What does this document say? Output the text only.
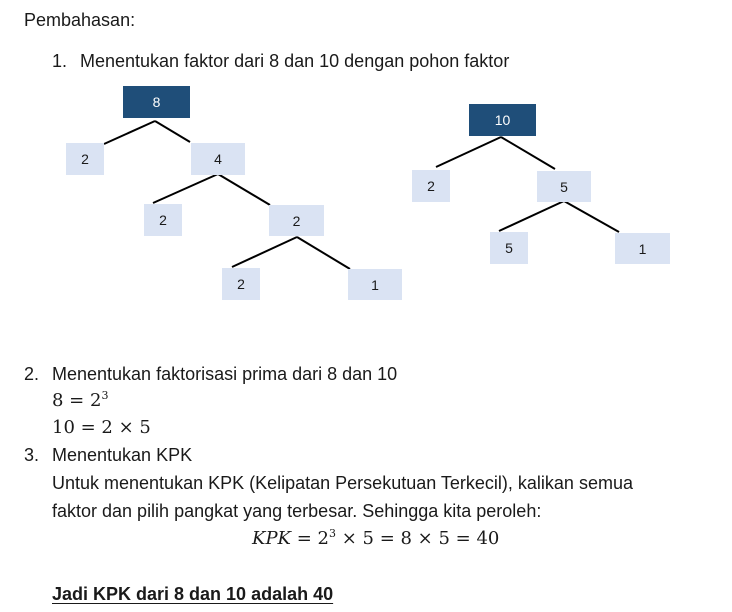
Pembahasan:
1. Menentukan faktor dari 8 dan 10 dengan pohon faktor
8
2	4
2	2
2	1
10
2	5
5	1
2. Menentukan faktorisasi prima dari 8 dan 10
$8 = 2^3$
10 = 2 × 5
3. Menentukan KPK
Untuk menentukan KPK (Kelipatan Persekutuan Terkecil), kalikan semua
faktor dan pilih pangkat yang terbesar. Sehingga kita peroleh:
KPK = $2^3 \times 5 = 8 \times 5 = 40$
Jadi KPK dari 8 dan 10 adalah 40
